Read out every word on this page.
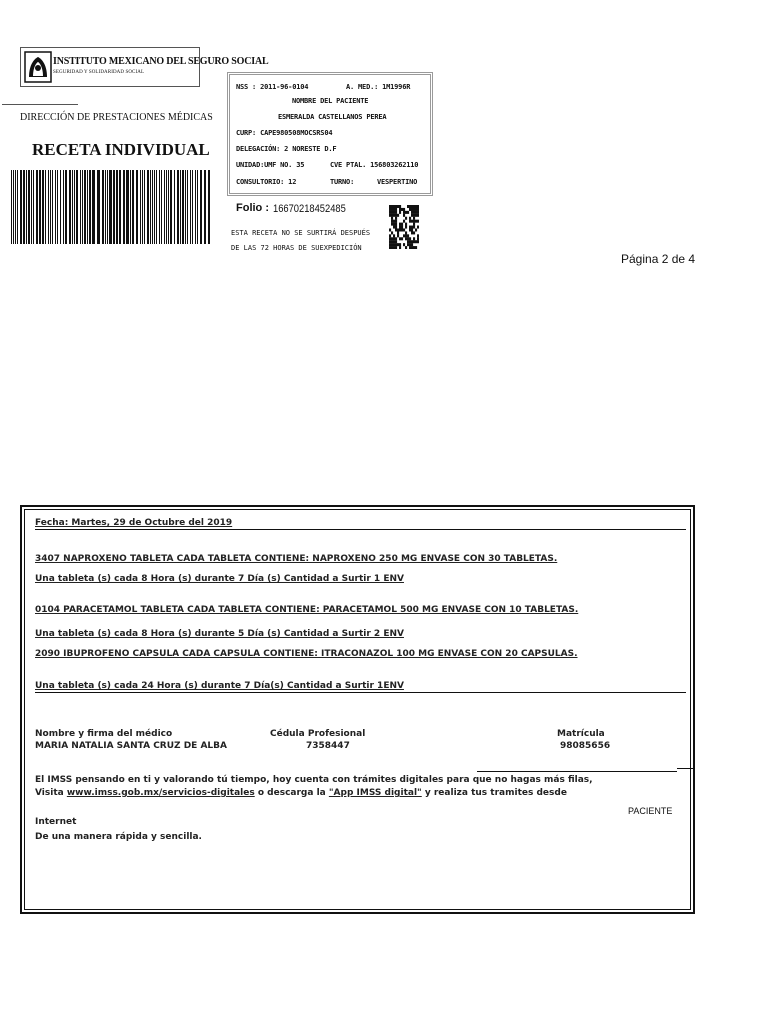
INSTITUTO MEXICANO DEL SEGURO SOCIAL
SEGURIDAD Y SOLIDARIDAD SOCIAL
DIRECCIÓN DE PRESTACIONES MÉDICAS
RECETA INDIVIDUAL
NSS : 2011-96-0104	A. MED.: 1M1996R
NOMBRE DEL PACIENTE
ESMERALDA CASTELLANOS PEREA
CURP: CAPE980508MOCSRS04
DELEGACIÓN: 2 NORESTE D.F
UNIDAD:UMF NO. 35	CVE PTAL. 156803262110
CONSULTORIO: 12	TURNO:	VESPERTINO
Folio : 16670218452485
ESTA RECETA NO SE SURTIRÁ DESPUÉS
DE LAS 72 HORAS DE SUEXPEDICIÓN
Página 2 de 4
Fecha: Martes, 29 de Octubre del 2019
3407 NAPROXENO TABLETA CADA TABLETA CONTIENE: NAPROXENO 250 MG ENVASE CON 30 TABLETAS.
Una tableta (s) cada 8 Hora (s) durante 7 Día (s) Cantidad a Surtir 1 ENV
0104 PARACETAMOL TABLETA CADA TABLETA CONTIENE: PARACETAMOL 500 MG ENVASE CON 10 TABLETAS.
Una tableta (s) cada 8 Hora (s) durante 5 Día (s) Cantidad a Surtir 2 ENV
2090 IBUPROFENO CAPSULA CADA CAPSULA CONTIENE: ITRACONAZOL 100 MG ENVASE CON 20 CAPSULAS.
Una tableta (s) cada 24 Hora (s) durante 7 Día(s) Cantidad a Surtir 1ENV
Nombre y firma del médico
MARIA NATALIA SANTA CRUZ DE ALBA
Cédula Profesional
7358447
Matrícula
98085656
El IMSS pensando en ti y valorando tú tiempo, hoy cuenta con trámites digitales para que no hagas más filas,
Visita www.imss.gob.mx/servicios-digitales o descarga la "App IMSS digital" y realiza tus tramites desde
PACIENTE
Internet
De una manera rápida y sencilla.
